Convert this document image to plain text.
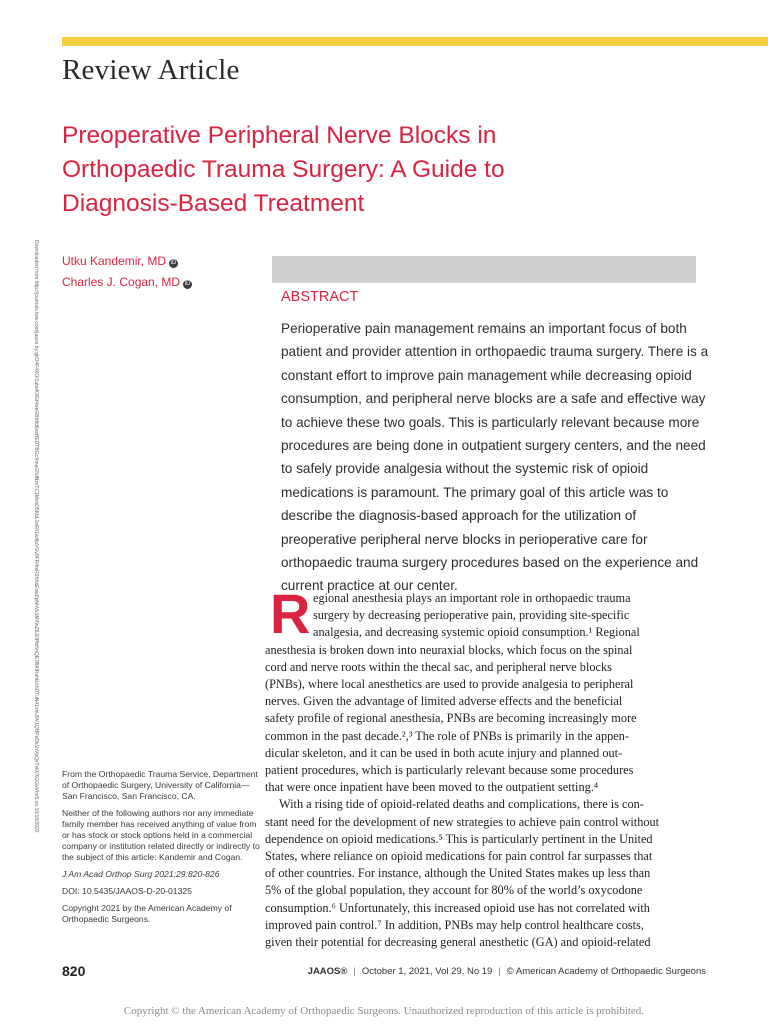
Review Article
Preoperative Peripheral Nerve Blocks in
Orthopaedic Trauma Surgery: A Guide to
Diagnosis-Based Treatment
Downloaded from http://journals.lww.com/jaaos by gkO4F4XO/1ubeK9Gt4weGBh8d6vsHEDTBGcXmaG5dNzvTC1MxnD5KbL1elRi1w9lpVGv0FR4mR2XhxEvwZpNnVk1M/hnZ6J2iPtb5nQEJl5KlRahtLkhDTuN41vhU9V1QHPeDk1hVpQvTvkVXGGvVhn5 on 10/18/2022 Utku Kandemir, MD iD
Charles J. Cogan, MD iD
ABSTRACT
Perioperative pain management remains an important focus of both
patient and provider attention in orthopaedic trauma surgery. There is a
constant effort to improve pain management while decreasing opioid
consumption, and peripheral nerve blocks are a safe and effective way
to achieve these two goals. This is particularly relevant because more
procedures are being done in outpatient surgery centers, and the need
to safely provide analgesia without the systemic risk of opioid
medications is paramount. The primary goal of this article was to
describe the diagnosis-based approach for the utilization of
preoperative peripheral nerve blocks in perioperative care for
orthopaedic trauma surgery procedures based on the experience and
current practice at our center.
R egional anesthesia plays an important role in orthopaedic trauma
surgery by decreasing perioperative pain, providing site-specific
analgesia, and decreasing systemic opioid consumption.¹ Regional
anesthesia is broken down into neuraxial blocks, which focus on the spinal
cord and nerve roots within the thecal sac, and peripheral nerve blocks
(PNBs), where local anesthetics are used to provide analgesia to peripheral
nerves. Given the advantage of limited adverse effects and the beneficial
safety profile of regional anesthesia, PNBs are becoming increasingly more
common in the past decade.²,³ The role of PNBs is primarily in the appen-
dicular skeleton, and it can be used in both acute injury and planned out-
patient procedures, which is particularly relevant because some procedures
that were once inpatient have been moved to the outpatient setting.⁴
With a rising tide of opioid-related deaths and complications, there is con-
stant need for the development of new strategies to achieve pain control without
dependence on opioid medications.⁵ This is particularly pertinent in the United
States, where reliance on opioid medications for pain control far surpasses that
of other countries. For instance, although the United States makes up less than
5% of the global population, they account for 80% of the world’s oxycodone
consumption.⁶ Unfortunately, this increased opioid use has not correlated with
improved pain control.⁷ In addition, PNBs may help control healthcare costs,
given their potential for decreasing general anesthetic (GA) and opioid-related

From the Orthopaedic Trauma Service, Department of Orthopaedic Surgery, University of California—San Francisco, San Francisco, CA.

Neither of the following authors nor any immediate family member has received anything of value from or has stock or stock options held in a commercial company or institution related directly or indirectly to the subject of this article: Kandemir and Cogan.

J Am Acad Orthop Surg 2021;29:820-826

DOI: 10.5435/JAAOS-D-20-01325

Copyright 2021 by the American Academy of Orthopaedic Surgeons.

820	JAAOS® | October 1, 2021, Vol 29, No 19 | © American Academy of Orthopaedic Surgeons
Copyright © the American Academy of Orthopaedic Surgeons. Unauthorized reproduction of this article is prohibited.
